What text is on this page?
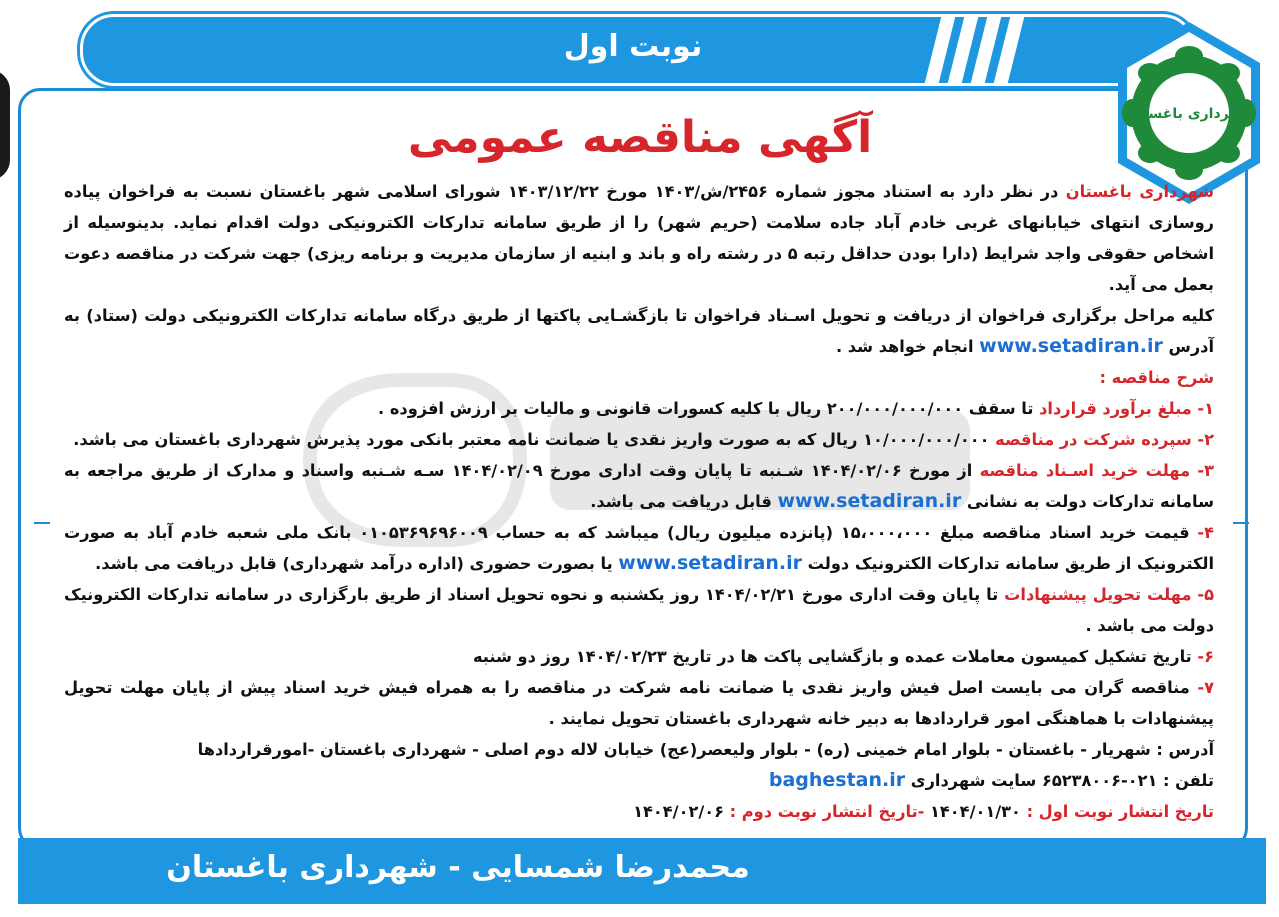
نوبت اول
شهرداری باغستان
آگهی مناقصه عمومی

شهرداری باغستان در نظر دارد به استناد مجوز شماره ۲۴۵۶/ش/۱۴۰۳ مورخ ۱۴۰۳/۱۲/۲۲ شورای اسلامی شهر باغستان نسبت به فراخوان پیاده روسازی انتهای خیابانهای غربی خادم آباد جاده سلامت (حریم شهر) را از طریق سامانه تدارکات الکترونیکی دولت اقدام نماید. بدینوسیله از اشخاص حقوقی واجد شرایط (دارا بودن حداقل رتبه ۵ در رشته راه و باند و ابنیه از سازمان مدیریت و برنامه ریزی) جهت شرکت در مناقصه دعوت بعمل می آید.

کلیه مراحل برگزاری فراخوان از دریافت و تحویل اسـناد فراخوان تا بازگشـایی پاکتها از طریق درگاه سامانه تدارکات الکترونیکی دولت (ستاد) به آدرس www.setadiran.ir انجام خواهد شد .

شرح مناقصه :

۱- مبلغ برآورد قرارداد تا سقف ۲۰۰/۰۰۰/۰۰۰/۰۰۰ ریال با کلیه کسورات قانونی و مالیات بر ارزش افزوده .

۲- سپرده شرکت در مناقصه ۱۰/۰۰۰/۰۰۰/۰۰۰ ریال که به صورت واریز نقدی یا ضمانت نامه معتبر بانکی مورد پذیرش شهرداری باغستان می باشد.

۳- مهلت خرید اسـناد مناقصه از مورخ ۱۴۰۴/۰۲/۰۶ شـنبه تا پایان وقت اداری مورخ ۱۴۰۴/۰۲/۰۹ سـه شـنبه واسناد و مدارک از طریق مراجعه به سامانه تدارکات دولت به نشانی www.setadiran.ir قابل دریافت می باشد.

۴- قیمت خرید اسناد مناقصه مبلغ ۱۵،۰۰۰،۰۰۰ (پانزده میلیون ریال) میباشد که به حساب ۰۱۰۵۳۶۹۶۹۶۰۰۹ بانک ملی شعبه خادم آباد به صورت الکترونیک از طریق سامانه تدارکات الکترونیک دولت www.setadiran.ir یا بصورت حضوری (اداره درآمد شهرداری) قابل دریافت می باشد.

۵- مهلت تحویل پیشنهادات تا پایان وقت اداری مورخ ۱۴۰۴/۰۲/۲۱ روز یکشنبه و نحوه تحویل اسناد از طریق بارگزاری در سامانه تدارکات الکترونیک دولت می باشد .

۶- تاریخ تشکیل کمیسون معاملات عمده و بازگشایی پاکت ها در تاریخ ۱۴۰۴/۰۲/۲۳ روز دو شنبه

۷- مناقصه گران می بایست اصل فیش واریز نقدی یا ضمانت نامه شرکت در مناقصه را به همراه فیش خرید اسناد پیش از پایان مهلت تحویل پیشنهادات با هماهنگی امور قراردادها به دبیر خانه شهرداری باغستان تحویل نمایند .

آدرس : شهریار - باغستان - بلوار امام خمینی (ره) - بلوار ولیعصر(عج) خیابان لاله دوم اصلی - شهرداری باغستان -امورقراردادها

تلفن : ۰۲۱-۶۵۲۳۸۰۰۶ سایت شهرداری baghestan.ir

تاریخ انتشار نوبت اول : ۱۴۰۴/۰۱/۳۰ -تاریخ انتشار نوبت دوم : ۱۴۰۴/۰۲/۰۶

محمدرضا شمسایی - شهرداری باغستان
